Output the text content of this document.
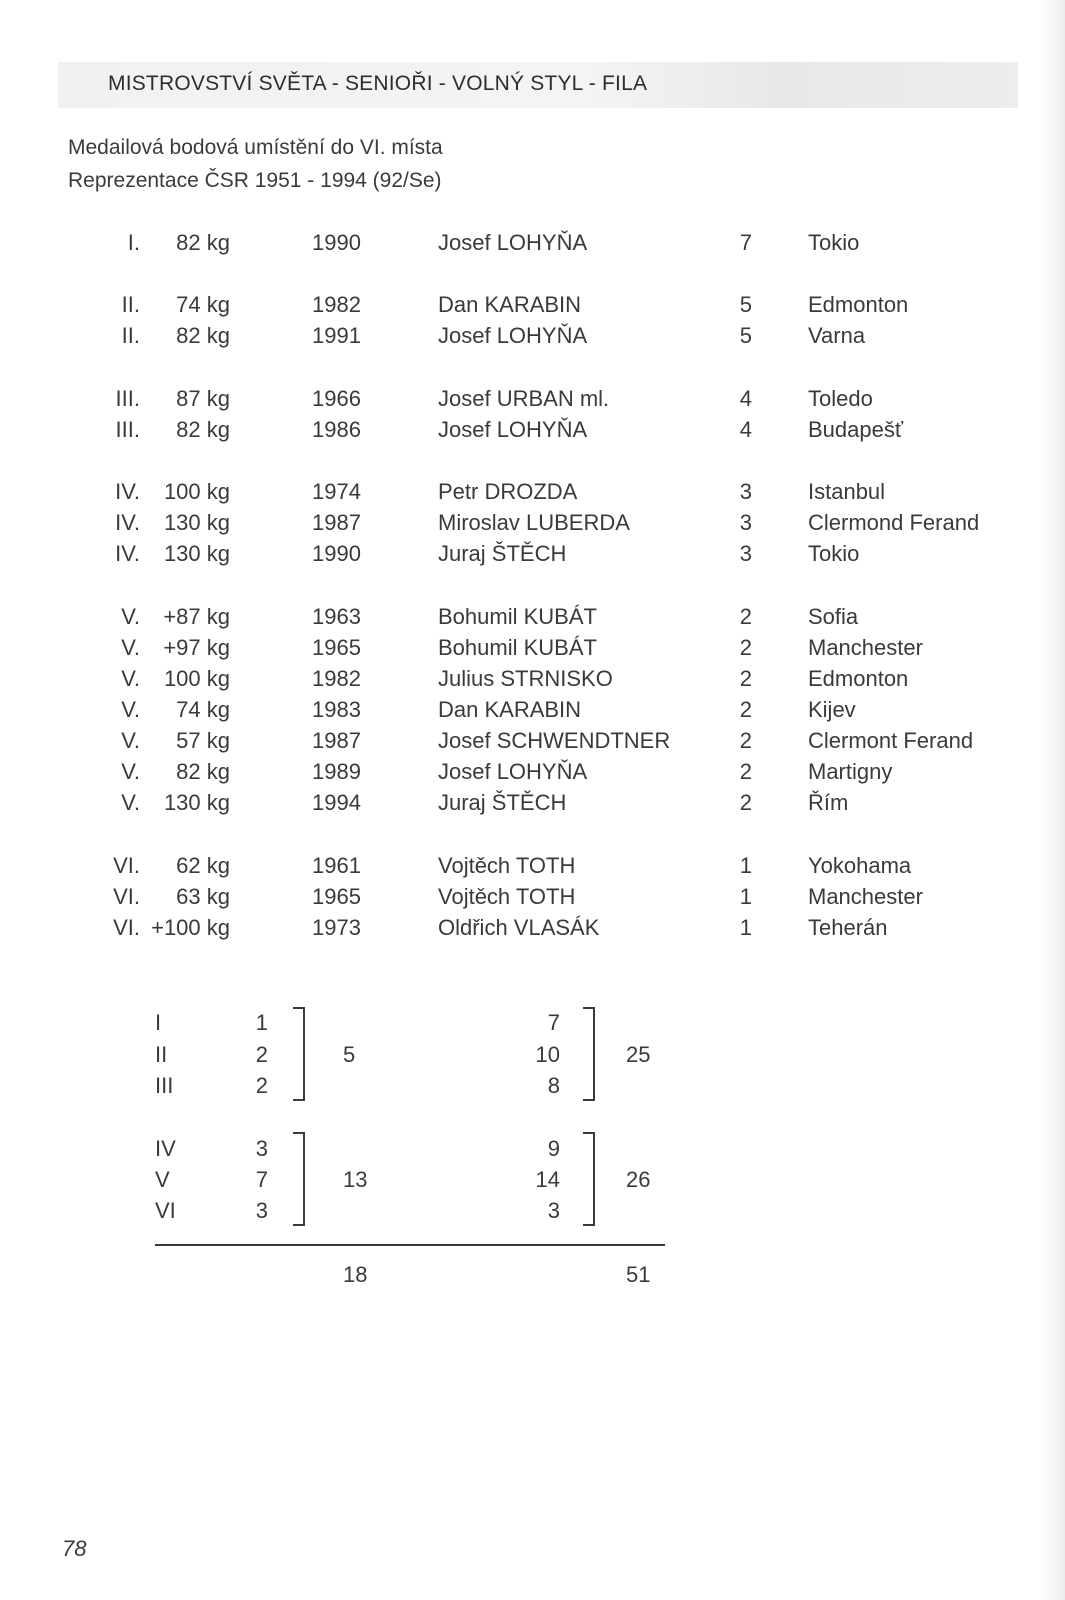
MISTROVSTVÍ SVĚTA - SENIOŘI - VOLNÝ STYL - FILA
Medailová bodová umístění do VI. místa
Reprezentace ČSR 1951 - 1994 (92/Se)
I.	82 kg	1990	Josef LOHYŇA	7	Tokio
II.	74 kg	1982	Dan KARABIN	5	Edmonton
II.	82 kg	1991	Josef LOHYŇA	5	Varna
III.	87 kg	1966	Josef URBAN ml.	4	Toledo
III.	82 kg	1986	Josef LOHYŇA	4	Budapešť
IV.	100 kg	1974	Petr DROZDA	3	Istanbul
IV.	130 kg	1987	Miroslav LUBERDA	3	Clermond Ferand
IV.	130 kg	1990	Juraj ŠTĚCH	3	Tokio
V.	+87 kg	1963	Bohumil KUBÁT	2	Sofia
V.	+97 kg	1965	Bohumil KUBÁT	2	Manchester
V.	100 kg	1982	Julius STRNISKO	2	Edmonton
V.	74 kg	1983	Dan KARABIN	2	Kijev
V.	57 kg	1987	Josef SCHWENDTNER	2	Clermont Ferand
V.	82 kg	1989	Josef LOHYŇA	2	Martigny
V.	130 kg	1994	Juraj ŠTĚCH	2	Řím
VI.	62 kg	1961	Vojtěch TOTH	1	Yokohama
VI.	63 kg	1965	Vojtěch TOTH	1	Manchester
VI. +100 kg	1973	Oldřich VLASÁK	1	Teherán
I	1	7
II	2	10
III	2	8
5	25
IV	3	9
V	7	14
VI	3	3
13	26
18	51
78
